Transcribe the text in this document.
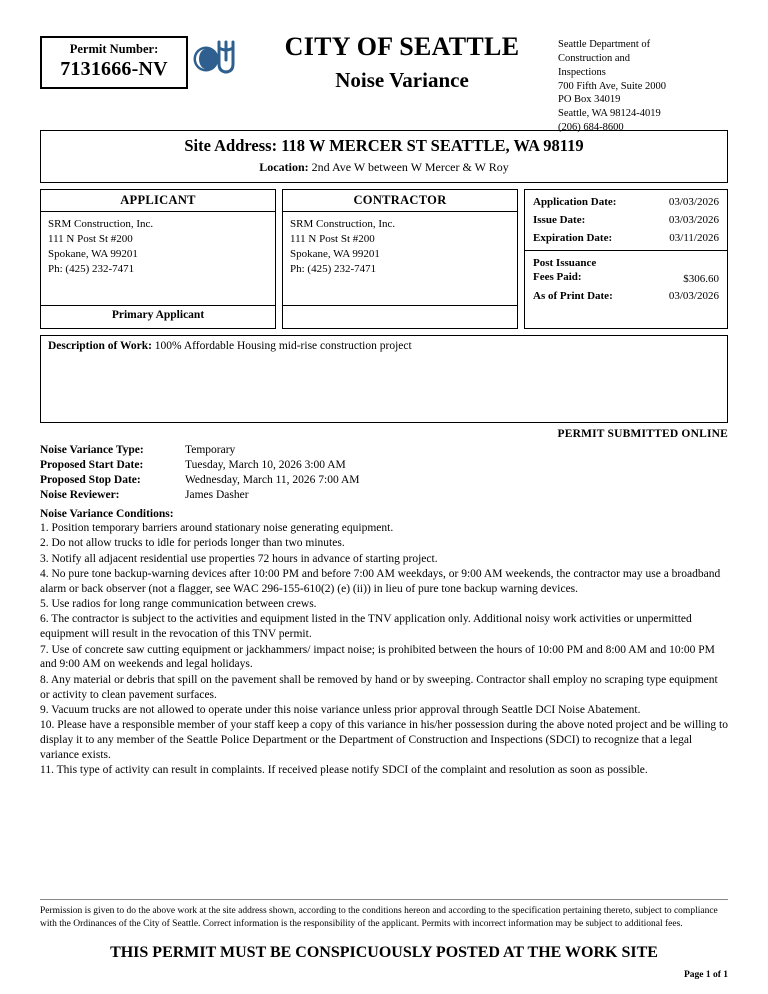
Permit Number:
7131666-NV
CITY OF SEATTLE
Noise Variance
Seattle Department of
Construction and
Inspections
700 Fifth Ave, Suite 2000
PO Box 34019
Seattle, WA 98124-4019
(206) 684-8600
Site Address: 118 W MERCER ST SEATTLE, WA 98119
Location: 2nd Ave W between W Mercer & W Roy
APPLICANT
SRM Construction, Inc.
111 N Post St #200
Spokane, WA 99201
Ph: (425) 232-7471
Primary Applicant
CONTRACTOR
SRM Construction, Inc.
111 N Post St #200
Spokane, WA 99201
Ph: (425) 232-7471
Application Date:	03/03/2026
Issue Date:	03/03/2026
Expiration Date:	03/11/2026
Post Issuance
Fees Paid:	$306.60
As of Print Date:	03/03/2026
Description of Work: 100% Affordable Housing mid-rise construction project
PERMIT SUBMITTED ONLINE
Noise Variance Type:	Temporary
Proposed Start Date:	Tuesday, March 10, 2026 3:00 AM
Proposed Stop Date:	Wednesday, March 11, 2026 7:00 AM
Noise Reviewer:	James Dasher
Noise Variance Conditions:
1. Position temporary barriers around stationary noise generating equipment.
2. Do not allow trucks to idle for periods longer than two minutes.
3. Notify all adjacent residential use properties 72 hours in advance of starting project.
4. No pure tone backup-warning devices after 10:00 PM and before 7:00 AM weekdays, or 9:00 AM weekends, the contractor may use a broadband alarm or back observer (not a flagger, see WAC 296-155-610(2) (e) (ii)) in lieu of pure tone backup warning devices.
5. Use radios for long range communication between crews.
6. The contractor is subject to the activities and equipment listed in the TNV application only. Additional noisy work activities or unpermitted equipment will result in the revocation of this TNV permit.
7. Use of concrete saw cutting equipment or jackhammers/ impact noise; is prohibited between the hours of 10:00 PM and 8:00 AM and 10:00 PM and 9:00 AM on weekends and legal holidays.
8. Any material or debris that spill on the pavement shall be removed by hand or by sweeping. Contractor shall employ no scraping type equipment or activity to clean pavement surfaces.
9. Vacuum trucks are not allowed to operate under this noise variance unless prior approval through Seattle DCI Noise Abatement.
10. Please have a responsible member of your staff keep a copy of this variance in his/her possession during the above noted project and be willing to display it to any member of the Seattle Police Department or the Department of Construction and Inspections (SDCI) to recognize that a legal variance exists.
11. This type of activity can result in complaints. If received please notify SDCI of the complaint and resolution as soon as possible.
Permission is given to do the above work at the site address shown, according to the conditions hereon and according to the specification pertaining thereto, subject to compliance with the Ordinances of the City of Seattle. Correct information is the responsibility of the applicant. Permits with incorrect information may be subject to additional fees.
THIS PERMIT MUST BE CONSPICUOUSLY POSTED AT THE WORK SITE
Page 1 of 1
